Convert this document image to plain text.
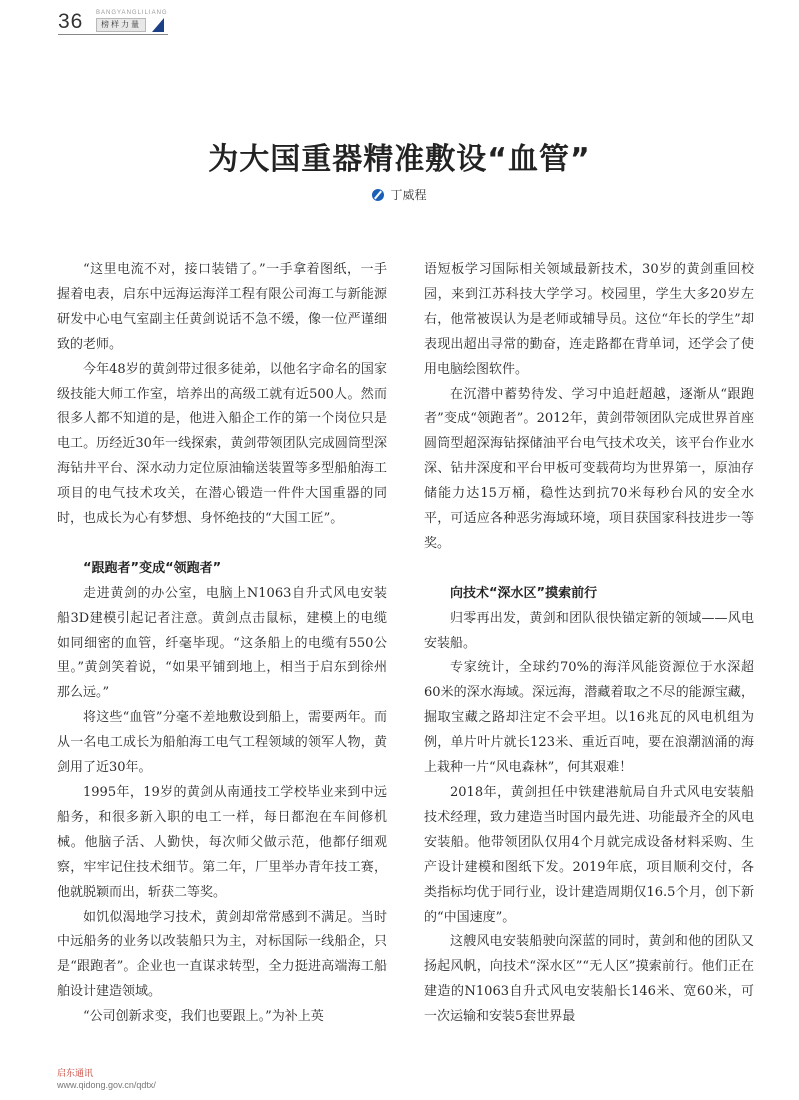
36 BANGYANGLILIANG
榜样力量
为大国重器精准敷设“血管”
丁威程

“这里电流不对，接口装错了。”一手拿着图纸，一手握着电表，启东中远海运海洋工程有限公司海工与新能源研发中心电气室副主任黄剑说话不急不缓，像一位严谨细致的老师。

今年48岁的黄剑带过很多徒弟，以他名字命名的国家级技能大师工作室，培养出的高级工就有近500人。然而很多人都不知道的是，他进入船企工作的第一个岗位只是电工。历经近30年一线探索，黄剑带领团队完成圆筒型深海钻井平台、深水动力定位原油输送装置等多型船舶海工项目的电气技术攻关，在潜心锻造一件件大国重器的同时，也成长为心有梦想、身怀绝技的“大国工匠”。

“跟跑者”变成“领跑者”

走进黄剑的办公室，电脑上N1063自升式风电安装船3D建模引起记者注意。黄剑点击鼠标，建模上的电缆如同细密的血管，纤毫毕现。“这条船上的电缆有550公里。”黄剑笑着说，“如果平铺到地上，相当于启东到徐州那么远。”

将这些“血管”分毫不差地敷设到船上，需要两年。而从一名电工成长为船舶海工电气工程领域的领军人物，黄剑用了近30年。

1995年，19岁的黄剑从南通技工学校毕业来到中远船务，和很多新入职的电工一样，每日都泡在车间修机械。他脑子活、人勤快，每次师父做示范，他都仔细观察，牢牢记住技术细节。第二年，厂里举办青年技工赛，他就脱颖而出，斩获二等奖。

如饥似渴地学习技术，黄剑却常常感到不满足。当时中远船务的业务以改装船只为主，对标国际一线船企，只是“跟跑者”。企业也一直谋求转型，全力挺进高端海工船舶设计建造领域。

“公司创新求变，我们也要跟上。”为补上英

语短板学习国际相关领域最新技术，30岁的黄剑重回校园，来到江苏科技大学学习。校园里，学生大多20岁左右，他常被误认为是老师或辅导员。这位“年长的学生”却表现出超出寻常的勤奋，连走路都在背单词，还学会了使用电脑绘图软件。

在沉潜中蓄势待发、学习中追赶超越，逐渐从“跟跑者”变成“领跑者”。2012年，黄剑带领团队完成世界首座圆筒型超深海钻探储油平台电气技术攻关，该平台作业水深、钻井深度和平台甲板可变载荷均为世界第一，原油存储能力达15万桶，稳性达到抗70米每秒台风的安全水平，可适应各种恶劣海域环境，项目获国家科技进步一等奖。

向技术“深水区”摸索前行

归零再出发，黄剑和团队很快锚定新的领域——风电安装船。

专家统计，全球约70%的海洋风能资源位于水深超60米的深水海域。深远海，潜藏着取之不尽的能源宝藏，掘取宝藏之路却注定不会平坦。以16兆瓦的风电机组为例，单片叶片就长123米、重近百吨，要在浪潮汹涌的海上栽种一片“风电森林”，何其艰难！

2018年，黄剑担任中铁建港航局自升式风电安装船技术经理，致力建造当时国内最先进、功能最齐全的风电安装船。他带领团队仅用4个月就完成设备材料采购、生产设计建模和图纸下发。2019年底，项目顺利交付，各类指标均优于同行业，设计建造周期仅16.5个月，创下新的“中国速度”。

这艘风电安装船驶向深蓝的同时，黄剑和他的团队又扬起风帆，向技术“深水区”“无人区”摸索前行。他们正在建造的N1063自升式风电安装船长146米、宽60米，可一次运输和安装5套世界最

启东通讯
www.qidong.gov.cn/qdtx/
